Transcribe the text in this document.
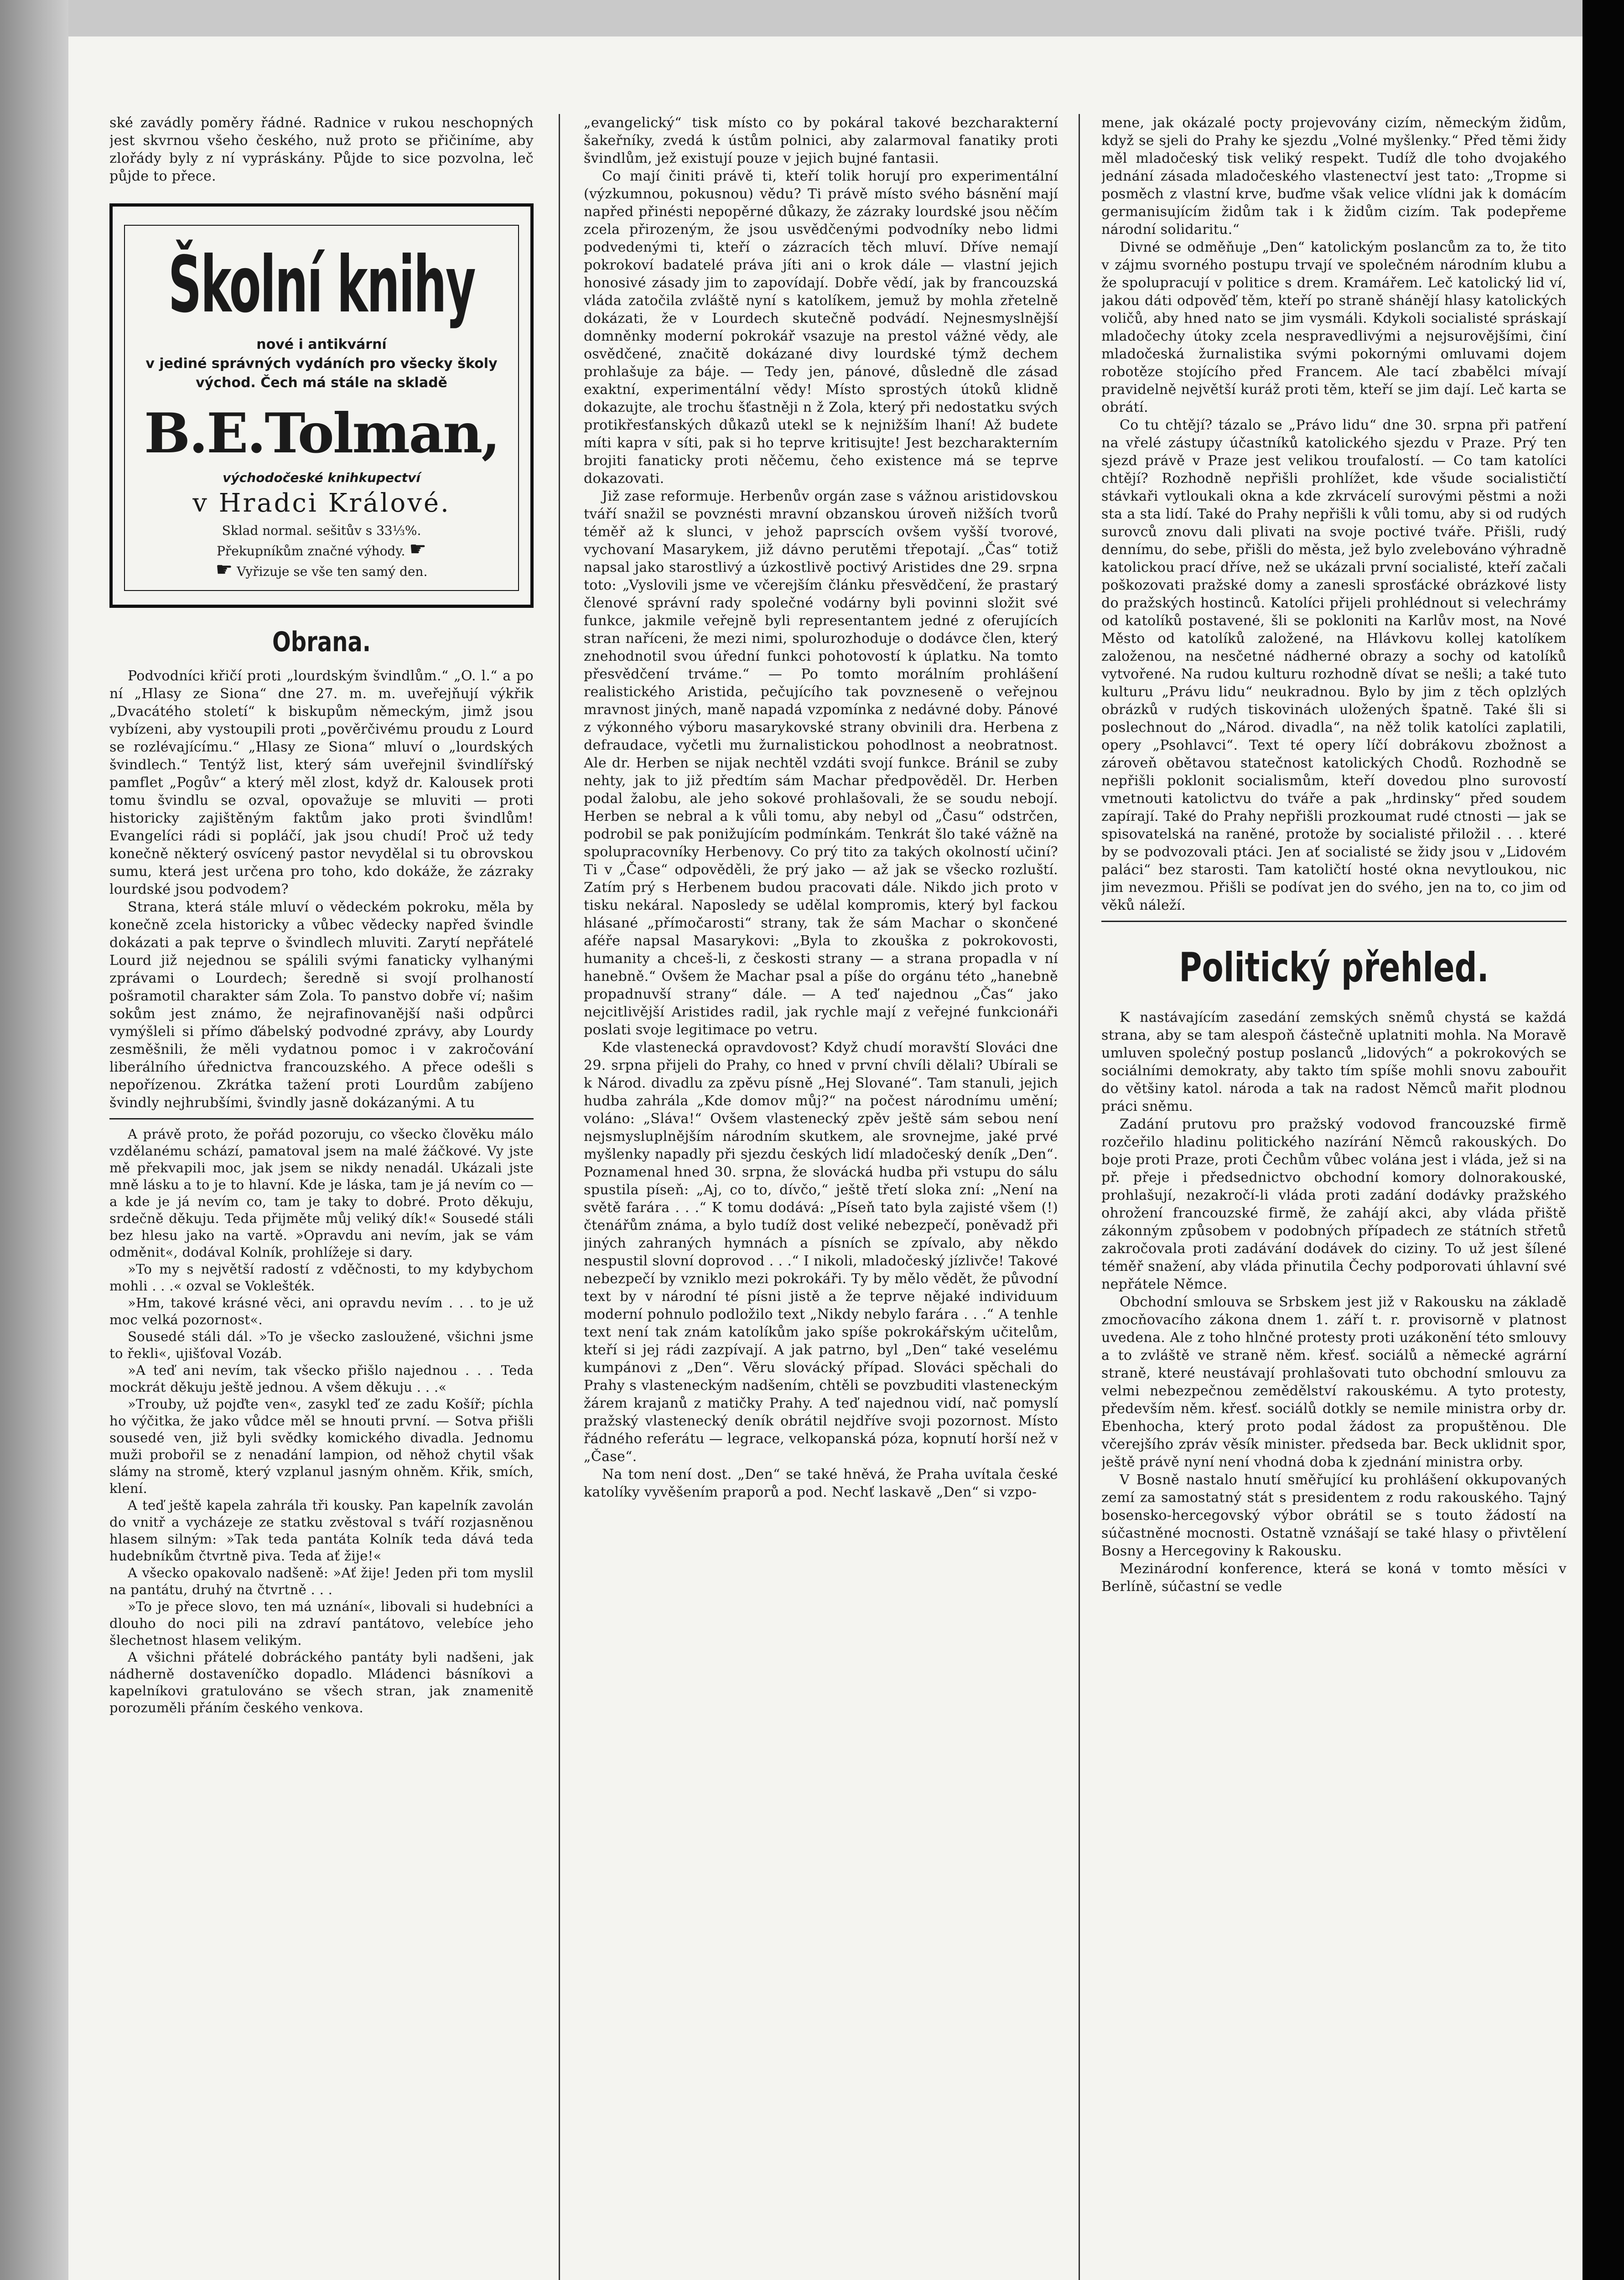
ské zavádly poměry řádné. Radnice v rukou neschopných jest skvrnou všeho českého, nuž proto se přičiníme, aby zlořády byly z ní vypráskány. Půjde to sice pozvolna, leč půjde to přece.

Školní knihy
nové i antikvární
v jediné správných vydáních pro všecky školy východ. Čech má stále na skladě
B.E.Tolman,
východočeské knihkupectví
v Hradci Králové.
Sklad normal. sešitův s 33⅓%.
Překupníkům značné výhody. ☛
☛ Vyřizuje se vše ten samý den.
Obrana.

Podvodníci křičí proti „lourdským švindlům.“ „O. l.“ a po ní „Hlasy ze Siona“ dne 27. m. m. uveřejňují výkřik „Dvacátého století“ k biskupům německým, jimž jsou vybízeni, aby vystoupili proti „pověrčivému proudu z Lourd se rozlévajícímu.“ „Hlasy ze Siona“ mluví o „lourdských švindlech.“ Tentýž list, který sám uveřejnil švindlířský pamflet „Pogův“ a který měl zlost, když dr. Kalousek proti tomu švindlu se ozval, opovažuje se mluviti — proti historicky zajištěným faktům jako proti švindlům! Evangelíci rádi si popláčí, jak jsou chudí! Proč už tedy konečně některý osvícený pastor nevydělal si tu obrovskou sumu, která jest určena pro toho, kdo dokáže, že zázraky lourdské jsou podvodem?

Strana, která stále mluví o vědeckém pokroku, měla by konečně zcela historicky a vůbec vědecky napřed švindle dokázati a pak teprve o švindlech mluviti. Zarytí nepřátelé Lourd již nejednou se spálili svými fanaticky vylhanými zprávami o Lourdech; šeredně si svojí prolhaností pošramotil charakter sám Zola. To panstvo dobře ví; našim sokům jest známo, že nejrafinovanější naši odpůrci vymýšleli si přímo ďábelský podvodné zprávy, aby Lourdy zesměšnili, že měli vydatnou pomoc i v zakročování liberálního úřednictva francouzského. A přece odešli s nepořízenou. Zkrátka tažení proti Lourdům zabíjeno švindly nejhrubšími, švindly jasně dokázanými. A tu

A právě proto, že pořád pozoruju, co všecko člověku málo vzdělanému schází, pamatoval jsem na malé žáčkové. Vy jste mě překvapili moc, jak jsem se nikdy nenadál. Ukázali jste mně lásku a to je to hlavní. Kde je láska, tam je já nevím co — a kde je já nevím co, tam je taky to dobré. Proto děkuju, srdečně děkuju. Teda přijměte můj veliký dík!« Sousedé stáli bez hlesu jako na vartě. »Opravdu ani nevím, jak se vám odměnit«, dodával Kolník, prohlížeje si dary.

»To my s největší radostí z vděčnosti, to my kdybychom mohli . . .« ozval se Voklešték.

»Hm, takové krásné věci, ani opravdu nevím . . . to je už moc velká pozornost«.

Sousedé stáli dál. »To je všecko zasloužené, všichni jsme to řekli«, ujišťoval Vozáb.

»A teď ani nevím, tak všecko přišlo najednou . . . Teda mockrát děkuju ještě jednou. A všem děkuju . . .«

»Trouby, už pojďte ven«, zasykl teď ze zadu Košíř; píchla ho výčitka, že jako vůdce měl se hnouti první. — Sotva přišli sousedé ven, již byli svědky komického divadla. Jednomu muži probořil se z nenadání lampion, od něhož chytil však slámy na stromě, který vzplanul jasným ohněm. Křik, smích, klení.

A teď ještě kapela zahrála tři kousky. Pan kapelník zavolán do vnitř a vycházeje ze statku zvěstoval s tváří rozjasněnou hlasem silným: »Tak teda pantáta Kolník teda dává teda hudebníkům čtvrtně piva. Teda ať žije!«

A všecko opakovalo nadšeně: »Ať žije! Jeden při tom myslil na pantátu, druhý na čtvrtně . . .

»To je přece slovo, ten má uznání«, libovali si hudebníci a dlouho do noci pili na zdraví pantátovo, velebíce jeho šlechetnost hlasem velikým.

A všichni přátelé dobráckého pantáty byli nadšeni, jak nádherně dostaveníčko dopadlo. Mládenci básníkovi a kapelníkovi gratulováno se všech stran, jak znamenitě porozuměli přáním českého venkova.

„evangelický“ tisk místo co by pokáral takové bezcharakterní šakeřníky, zvedá k ústům polnici, aby zalarmoval fanatiky proti švindlům, jež existují pouze v jejich bujné fantasii.

Co mají činiti právě ti, kteří tolik horují pro experimentální (výzkumnou, pokusnou) vědu? Ti právě místo svého básnění mají napřed přinésti nepopěrné důkazy, že zázraky lourdské jsou něčím zcela přirozeným, že jsou usvědčenými podvodníky nebo lidmi podvedenými ti, kteří o zázracích těch mluví. Dříve nemají pokrokoví badatelé práva jíti ani o krok dále — vlastní jejich honosivé zásady jim to zapovídají. Dobře vědí, jak by francouzská vláda zatočila zvláště nyní s katolíkem, jemuž by mohla zřetelně dokázati, že v Lourdech skutečně podvádí. Nejnesmyslnější domněnky moderní pokrokář vsazuje na prestol vážné vědy, ale osvědčené, značitě dokázané divy lourdské týmž dechem prohlašuje za báje. — Tedy jen, pánové, důsledně dle zásad exaktní, experimentální vědy! Místo sprostých útoků klidně dokazujte, ale trochu šťastněji n ž Zola, který při nedostatku svých protikřesťanských důkazů utekl se k nejnižším lhaní! Až budete míti kapra v síti, pak si ho teprve kritisujte! Jest bezcharakterním brojiti fanaticky proti něčemu, čeho existence má se teprve dokazovati.

Již zase reformuje. Herbenův orgán zase s vážnou aristidovskou tváří snažil se povznésti mravní obzanskou úroveň nižších tvorů téměř až k slunci, v jehož paprscích ovšem vyšší tvorové, vychovaní Masarykem, již dávno perutěmi třepotají. „Čas“ totiž napsal jako starostlivý a úzkostlivě poctivý Aristides dne 29. srpna toto: „Vyslovili jsme ve včerejším článku přesvědčení, že prastarý členové správní rady společné vodárny byli povinni složit své funkce, jakmile veřejně byli representantem jedné z oferujících stran naříceni, že mezi nimi, spolurozhoduje o dodávce člen, který znehodnotil svou úřední funkci pohotovostí k úplatku. Na tomto přesvědčení trváme.“ — Po tomto morálním prohlášení realistického Aristida, pečujícího tak povznesenĕ o veřejnou mravnost jiných, maně napadá vzpomínka z nedávné doby. Pánové z výkonného výboru masarykovské strany obvinili dra. Herbena z defraudace, vyčetli mu žurnalistickou pohodlnost a neobratnost. Ale dr. Herben se nijak nechtěl vzdáti svojí funkce. Bránil se zuby nehty, jak to již předtím sám Machar předpověděl. Dr. Herben podal žalobu, ale jeho sokové prohlašovali, že se soudu nebojí. Herben se nebral a k vůli tomu, aby nebyl od „Času“ odstrčen, podrobil se pak ponižujícím podmínkám. Tenkrát šlo také vážně na spolupracovníky Herbenovy. Co prý tito za takých okolností učiní? Ti v „Čase“ odpověděli, že prý jako — až jak se všecko rozluští. Zatím prý s Herbenem budou pracovati dále. Nikdo jich proto v tisku nekáral. Naposledy se udělal kompromis, který byl fackou hlásané „přímočarosti“ strany, tak že sám Machar o skončené aféře napsal Masarykovi: „Byla to zkouška z pokrokovosti, humanity a chceš-li, z českosti strany — a strana propadla v ní hanebně.“ Ovšem že Machar psal a píše do orgánu této „hanebně propadnuvší strany“ dále. — A teď najednou „Čas“ jako nejcitlivější Aristides radil, jak rychle mají z veřejné funkcionáři poslati svoje legitimace po vetru.

Kde vlastenecká opravdovost? Když chudí moravští Slováci dne 29. srpna přijeli do Prahy, co hned v první chvíli dělali? Ubírali se k Národ. divadlu za zpěvu písně „Hej Slované“. Tam stanuli, jejich hudba zahrála „Kde domov můj?“ na počest národnímu umění; voláno: „Sláva!“ Ovšem vlastenecký zpěv ještě sám sebou není nejsmysluplnějším národním skutkem, ale srovnejme, jaké prvé myšlenky napadly při sjezdu českých lidí mladočeský deník „Den“. Poznamenal hned 30. srpna, že slovácká hudba při vstupu do sálu spustila píseň: „Aj, co to, dívčo,“ ještě třetí sloka zní: „Není na světě farára . . .“ K tomu dodává: „Píseň tato byla zajisté všem (!) čtenářům známa, a bylo tudíž dost veliké nebezpečí, poněvadž při jiných zahraných hymnách a písních se zpívalo, aby někdo nespustil slovní doprovod . . .“ I nikoli, mladočeský jízlivče! Takové nebezpečí by vzniklo mezi pokrokáři. Ty by mělo vědět, že původní text by v národní té písni jistě a že teprve nějaké individuum moderní pohnulo podložilo text „Nikdy nebylo farára . . .“ A tenhle text není tak znám katolíkům jako spíše pokrokářským učitelům, kteří si jej rádi zazpívají. A jak patrno, byl „Den“ také veselému kumpánovi z „Den“. Věru slovácký případ. Slováci spěchali do Prahy s vlasteneckým nadšením, chtěli se povzbuditi vlasteneckým žárem krajanů z matičky Prahy. A teď najednou vidí, nač pomyslí pražský vlastenecký deník obrátil nejdříve svoji pozornost. Místo řádného referátu — legrace, velkopanská póza, kopnutí horší než v „Čase“.

Na tom není dost. „Den“ se také hněvá, že Praha uvítala české katolíky vyvěšením praporů a pod. Nechť laskavě „Den“ si vzpo-

mene, jak okázalé pocty projevovány cizím, německým židům, když se sjeli do Prahy ke sjezdu „Volné myšlenky.“ Před těmi židy měl mladočeský tisk veliký respekt. Tudíž dle toho dvojakého jednání zásada mladočeského vlastenectví jest tato: „Tropme si posměch z vlastní krve, buďme však velice vlídni jak k domácím germanisujícím židům tak i k židům cizím. Tak podepřeme národní solidaritu.“

Divné se odměňuje „Den“ katolickým poslancům za to, že tito v zájmu svorného postupu trvají ve společném národním klubu a že spolupracují v politice s drem. Kramářem. Leč katolický lid ví, jakou dáti odpověď těm, kteří po straně shánějí hlasy katolických voličů, aby hned nato se jim vysmáli. Kdykoli socialisté spráskají mladočechy útoky zcela nespravedlivými a nejsurovějšími, činí mladočeská žurnalistika svými pokornými omluvami dojem robotěze stojícího před Francem. Ale tací zbabělci mívají pravidelně největší kuráž proti těm, kteří se jim dají. Leč karta se obrátí.

Co tu chtějí? tázalo se „Právo lidu“ dne 30. srpna při patření na vřelé zástupy účastníků katolického sjezdu v Praze. Prý ten sjezd právě v Praze jest velikou troufalostí. — Co tam katolíci chtějí? Rozhodně nepřišli prohlížet, kde všude socialističtí stávkaři vytloukali okna a kde zkrvácelí surovými pěstmi a noži sta a sta lidí. Také do Prahy nepřišli k vůli tomu, aby si od rudých surovců znovu dali plivati na svoje poctivé tváře. Přišli, rudý dennímu, do sebe, přišli do města, jež bylo zvelebováno výhradně katolickou prací dříve, než se ukázali první socialisté, kteří začali poškozovati pražské domy a zanesli sprosťácké obrázkové listy do pražských hostinců. Katolíci přijeli prohlédnout si velechrámy od katolíků postavené, šli se pokloniti na Karlův most, na Nové Město od katolíků založené, na Hlávkovu kollej katolíkem založenou, na nesčetné nádherné obrazy a sochy od katolíků vytvořené. Na rudou kulturu rozhodně dívat se nešli; a také tuto kulturu „Právu lidu“ neukradnou. Bylo by jim z těch oplzlých obrázků v rudých tiskovinách uložených špatně. Také šli si poslechnout do „Národ. divadla“, na něž tolik katolíci zaplatili, opery „Psohlavci“. Text té opery líčí dobrákovu zbožnost a zároveň obětavou statečnost katolických Chodů. Rozhodně se nepřišli poklonit socialismům, kteří dovedou plno surovostí vmetnouti katolictvu do tváře a pak „hrdinsky“ před soudem zapírají. Také do Prahy nepřišli prozkoumat rudé ctnosti — jak se spisovatelská na raněné, protože by socialisté přiložil . . . které by se podvozovali ptáci. Jen ať socialisté se židy jsou v „Lidovém paláci“ bez starosti. Tam katoličtí hosté okna nevytloukou, nic jim nevezmou. Přišli se podívat jen do svého, jen na to, co jim od věků náleží.

Politický přehled.

K nastávajícím zasedání zemských sněmů chystá se každá strana, aby se tam alespoň částečně uplatniti mohla. Na Moravě umluven společný postup poslanců „lidových“ a pokrokových se sociálními demokraty, aby takto tím spíše mohli snovu zabouřit do většiny katol. národa a tak na radost Němců mařit plodnou práci sněmu.

Zadání prutovu pro pražský vodovod francouzské firmě rozčeřilo hladinu politického nazírání Němců rakouských. Do boje proti Praze, proti Čechům vůbec volána jest i vláda, jež si na př. přeje i předsednictvo obchodní komory dolnorakouské, prohlašují, nezakročí-li vláda proti zadání dodávky pražského ohrožení francouzské firmě, že zahájí akci, aby vláda přiště zákonným způsobem v podobných případech ze státních střetů zakročovala proti zadávání dodávek do ciziny. To už jest šílené téměř snažení, aby vláda přinutila Čechy podporovati úhlavní své nepřátele Němce.

Obchodní smlouva se Srbskem jest již v Rakousku na základě zmocňovacího zákona dnem 1. září t. r. provisorně v platnost uvedena. Ale z toho hlnčné protesty proti uzákonění této smlouvy a to zvláště ve straně něm. křesť. sociálů a německé agrární straně, které neustávají prohlašovati tuto obchodní smlouvu za velmi nebezpečnou zemědělství rakouskému. A tyto protesty, především něm. křesť. sociálů dotkly se nemile ministra orby dr. Ebenhocha, který proto podal žádost za propuštěnou. Dle včerejšího zpráv věsík minister. předseda bar. Beck uklidnit spor, ještě právě nyní není vhodná doba k zjednání ministra orby.

V Bosně nastalo hnutí směřující ku prohlášení okkupovaných zemí za samostatný stát s presidentem z rodu rakouského. Tajný bosensko-hercegovský výbor obrátil se s touto žádostí na súčastněné mocnosti. Ostatně vznášají se také hlasy o přivtělení Bosny a Hercegoviny k Rakousku.

Mezinárodní konference, která se koná v tomto měsíci v Berlíně, súčastní se vedle
